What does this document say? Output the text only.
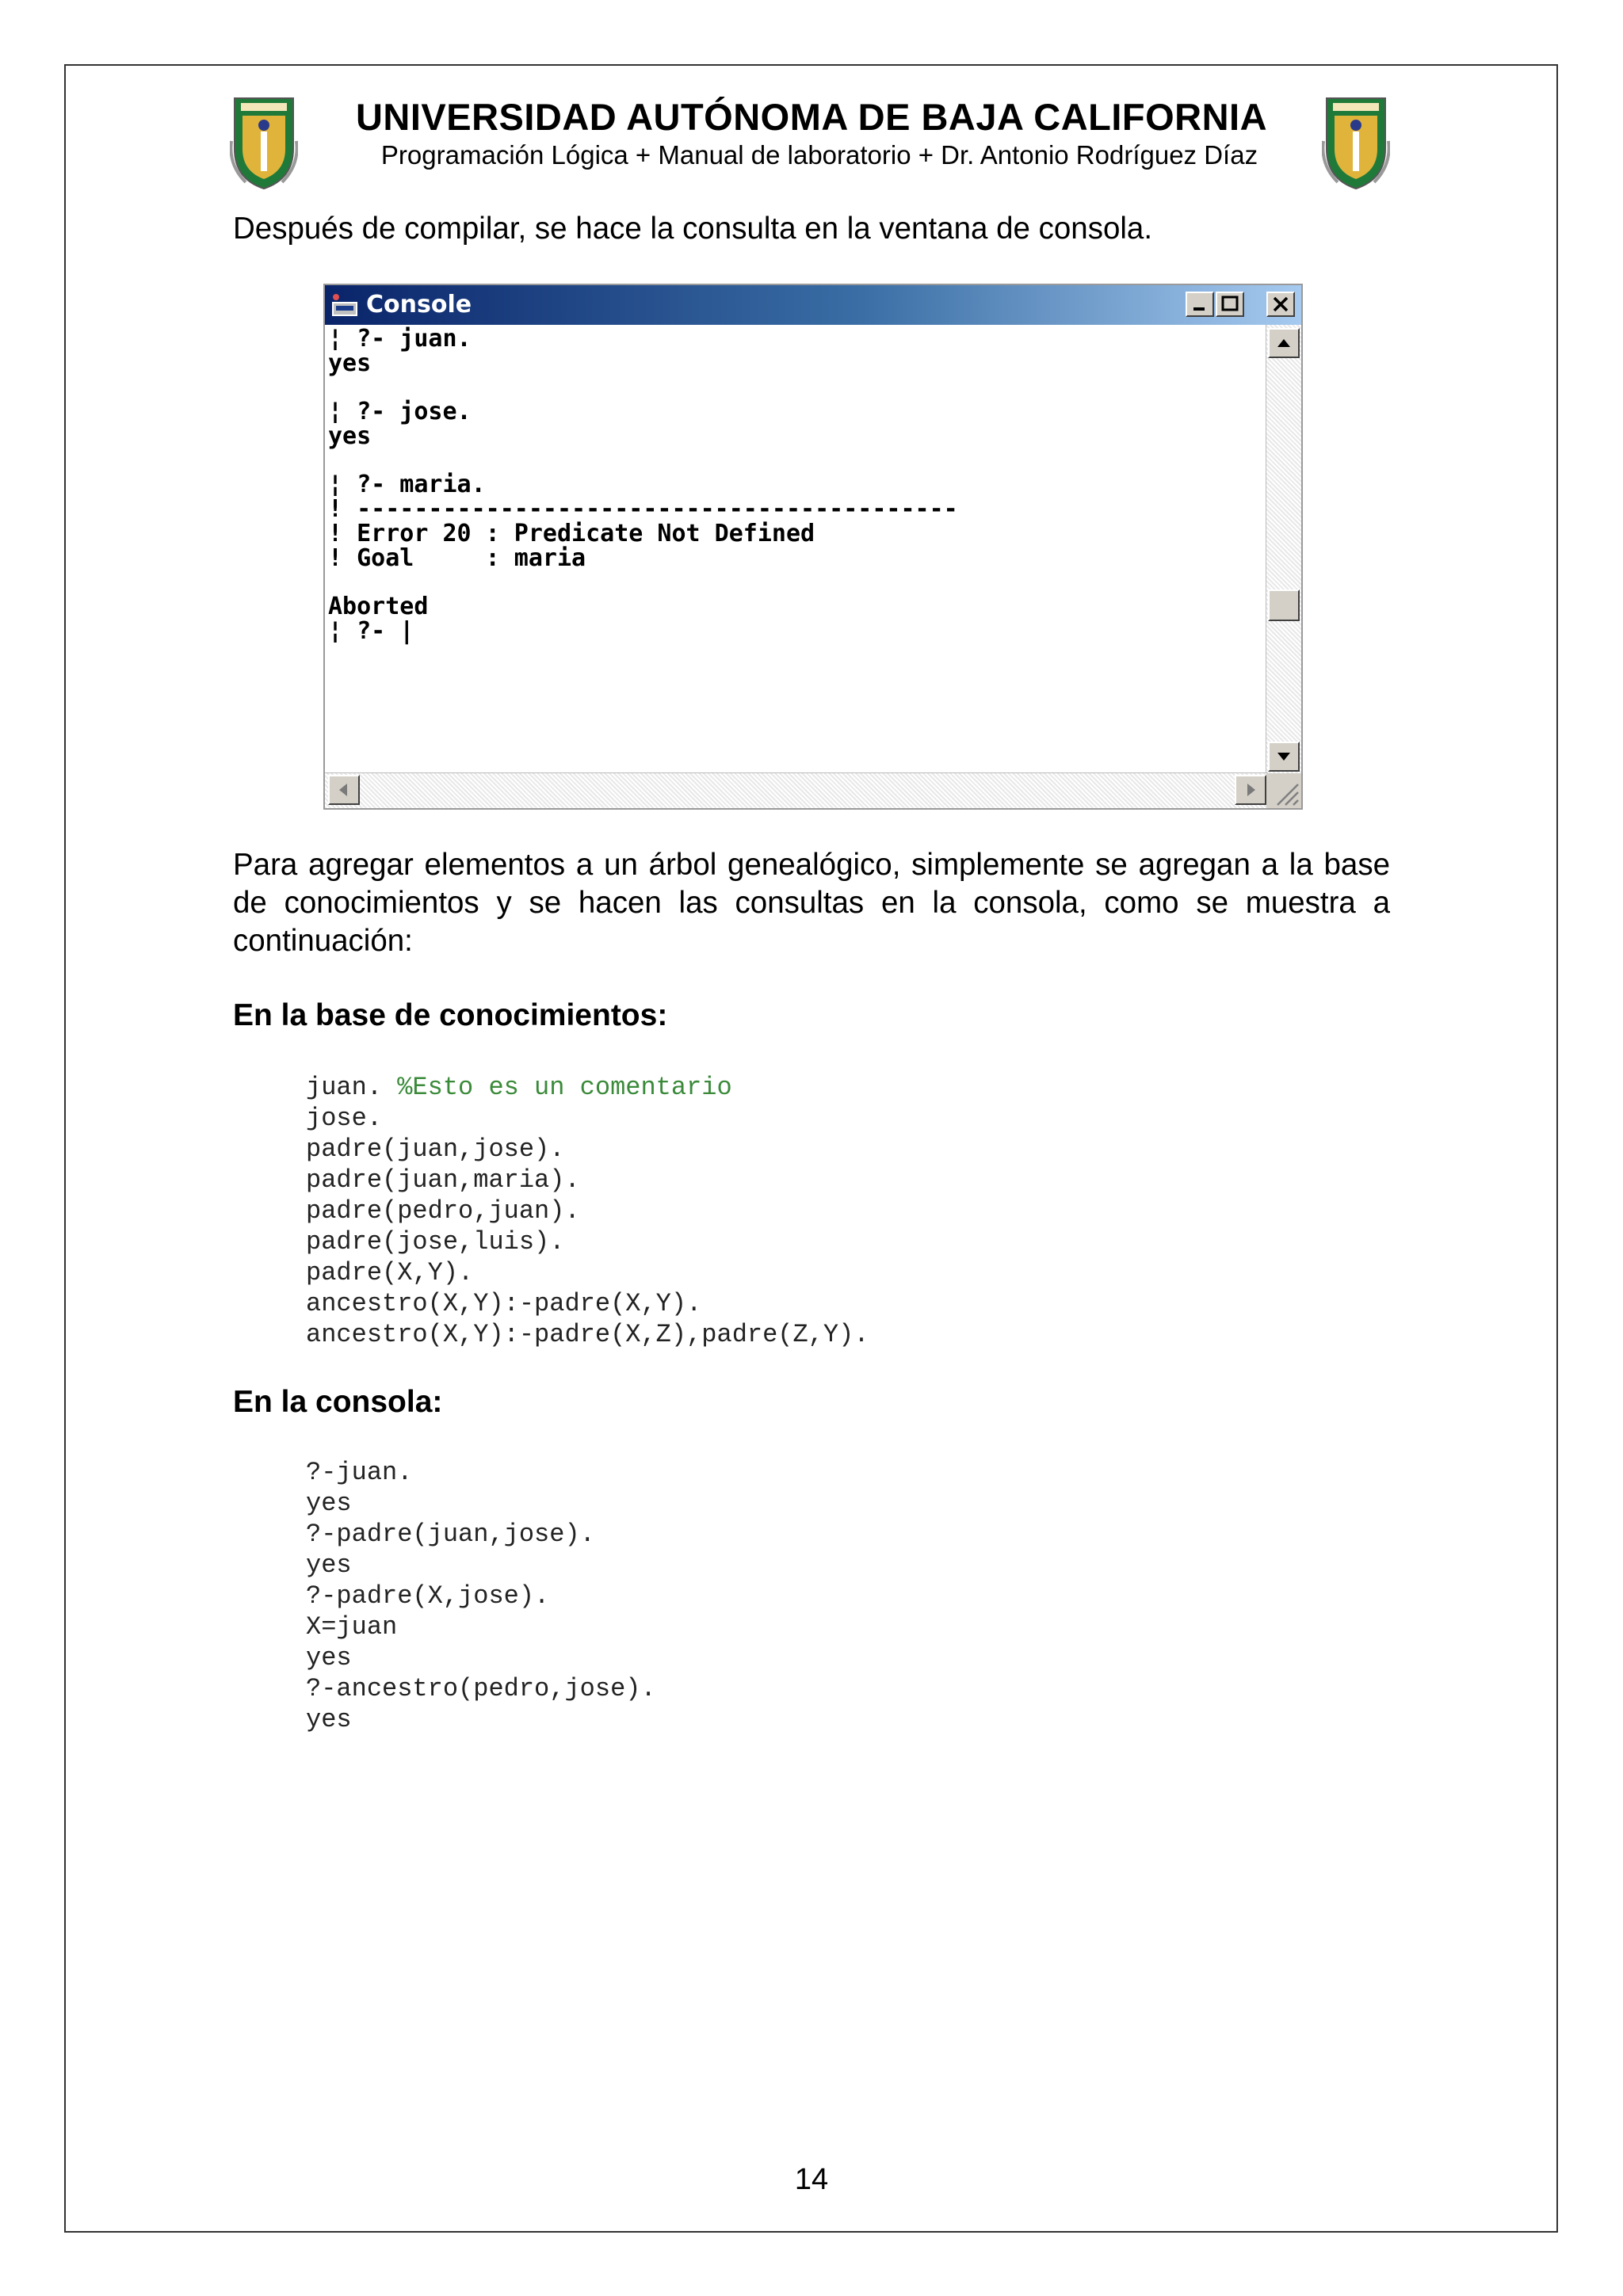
UNIVERSIDAD AUTÓNOMA DE BAJA CALIFORNIA
Programación Lógica + Manual de laboratorio + Dr. Antonio Rodríguez Díaz
Después de compilar, se hace la consulta en la ventana de consola.
Console
¦ ?- juan.
yes
¦ ?- jose.
yes
¦ ?- maria.
! ------------------------------------------
! Error 20 : Predicate Not Defined
! Goal     : maria
Aborted
¦ ?- |
Para agregar elementos a un árbol genealógico, simplemente se agregan a la base de conocimientos y se hacen las consultas en la consola, como se muestra a continuación:
En la base de conocimientos:
juan. %Esto es un comentario

jose.
padre(juan,jose).
padre(juan,maria).
padre(pedro,juan).
padre(jose,luis).
padre(X,Y).
ancestro(X,Y):-padre(X,Y).
ancestro(X,Y):-padre(X,Z),padre(Z,Y).
En la consola:
?-juan.
yes
?-padre(juan,jose).
yes
?-padre(X,jose).
X=juan
yes
?-ancestro(pedro,jose).
yes
14
